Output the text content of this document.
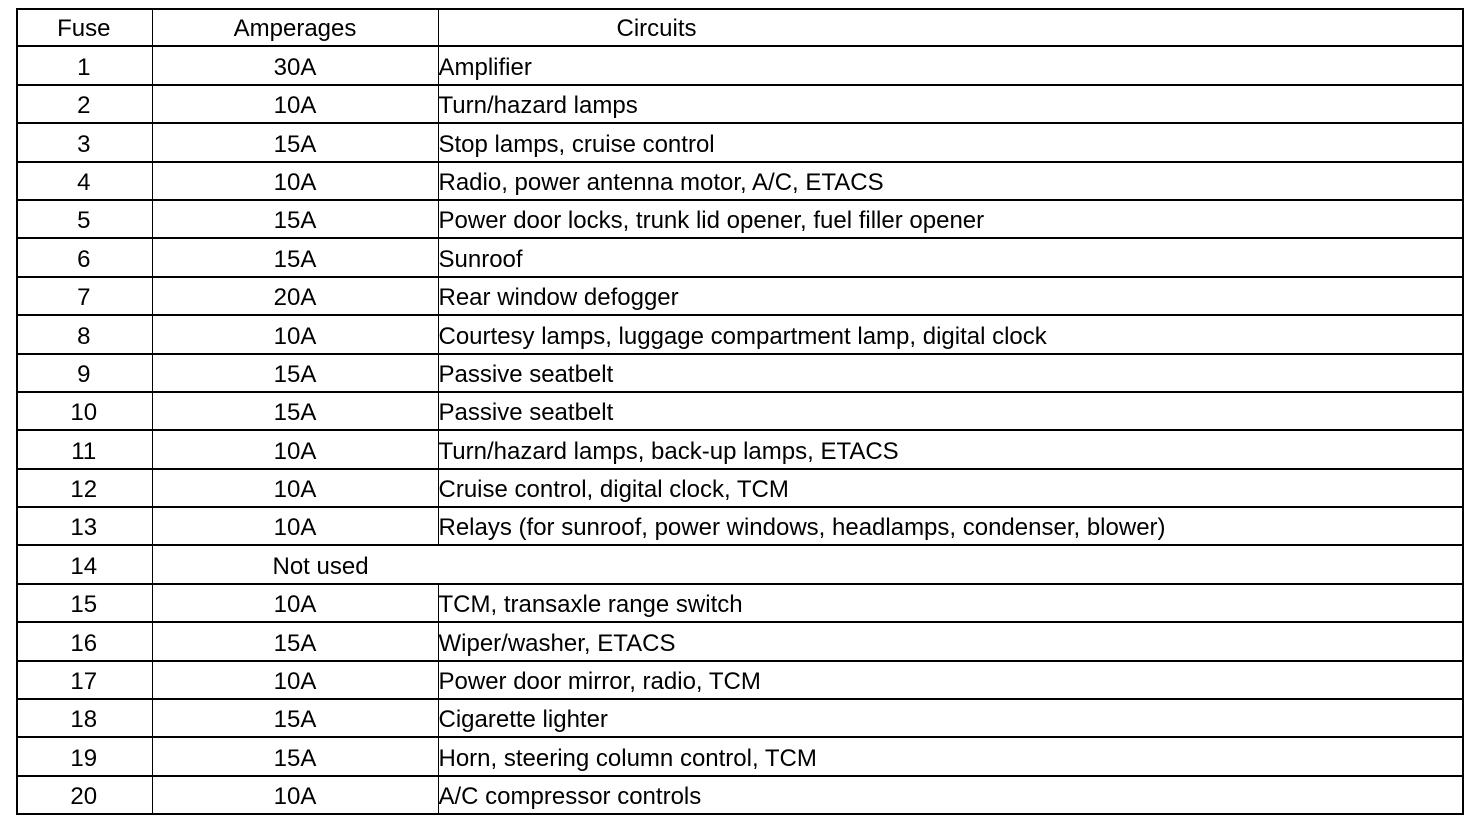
Fuse	Amperages	Circuits
1	30A	Amplifier
2	10A	Turn/hazard lamps
3	15A	Stop lamps, cruise control
4	10A	Radio, power antenna motor, A/C, ETACS
5	15A	Power door locks, trunk lid opener, fuel filler opener
6	15A	Sunroof
7	20A	Rear window defogger
8	10A	Courtesy lamps, luggage compartment lamp, digital clock
9	15A	Passive seatbelt
10	15A	Passive seatbelt
11	10A	Turn/hazard lamps, back-up lamps, ETACS
12	10A	Cruise control, digital clock, TCM
13	10A	Relays (for sunroof, power windows, headlamps, condenser, blower)
14	Not used	
15	10A	TCM, transaxle range switch
16	15A	Wiper/washer, ETACS
17	10A	Power door mirror, radio, TCM
18	15A	Cigarette lighter
19	15A	Horn, steering column control, TCM
20	10A	A/C compressor controls
